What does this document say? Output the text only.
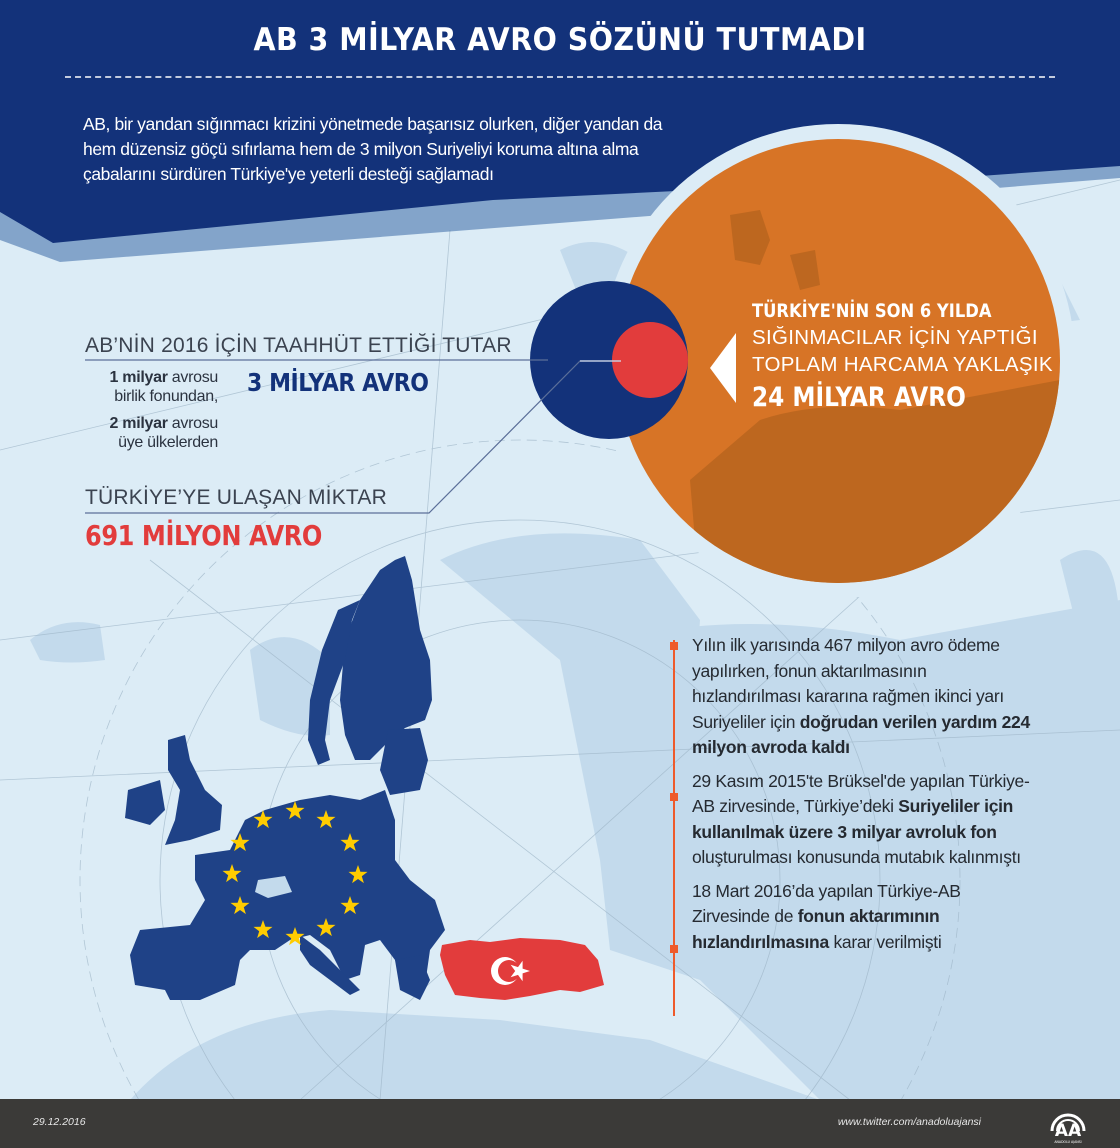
AB 3 MİLYAR AVRO SÖZÜNÜ TUTMADI
AB, bir yandan sığınmacı krizini yönetmede başarısız olurken, diğer yandan da
hem düzensiz göçü sıfırlama hem de 3 milyon Suriyeliyi koruma altına alma
çabalarını sürdüren Türkiye'ye yeterli desteği sağlamadı
AB’NİN 2016 İÇİN TAAHHÜT ETTİĞİ TUTAR
1 milyar avrosu
birlik fonundan,
2 milyar avrosu
üye ülkelerden
3 MİLYAR AVRO
TÜRKİYE’YE ULAŞAN MİKTAR
691 MİLYON AVRO
TÜRKİYE'NİN SON 6 YILDA
SIĞINMACILAR İÇİN YAPTIĞI
TOPLAM HARCAMA YAKLAŞIK
24 MİLYAR AVRO
Yılın ilk yarısında 467 milyon avro ödeme yapılırken, fonun aktarılmasının hızlandırılması kararına rağmen ikinci yarı Suriyeliler için doğrudan verilen yardım 224 milyon avroda kaldı
29 Kasım 2015'te Brüksel'de yapılan Türkiye-AB zirvesinde, Türkiye’deki Suriyeliler için kullanılmak üzere 3 milyar avroluk fon oluşturulması konusunda mutabık kalınmıştı
18 Mart 2016’da yapılan Türkiye-AB Zirvesinde de fonun aktarımının hızlandırılmasına karar verilmişti
29.12.2016	www.twitter.com/anadoluajansi	AA
ANADOLU AJANSI
